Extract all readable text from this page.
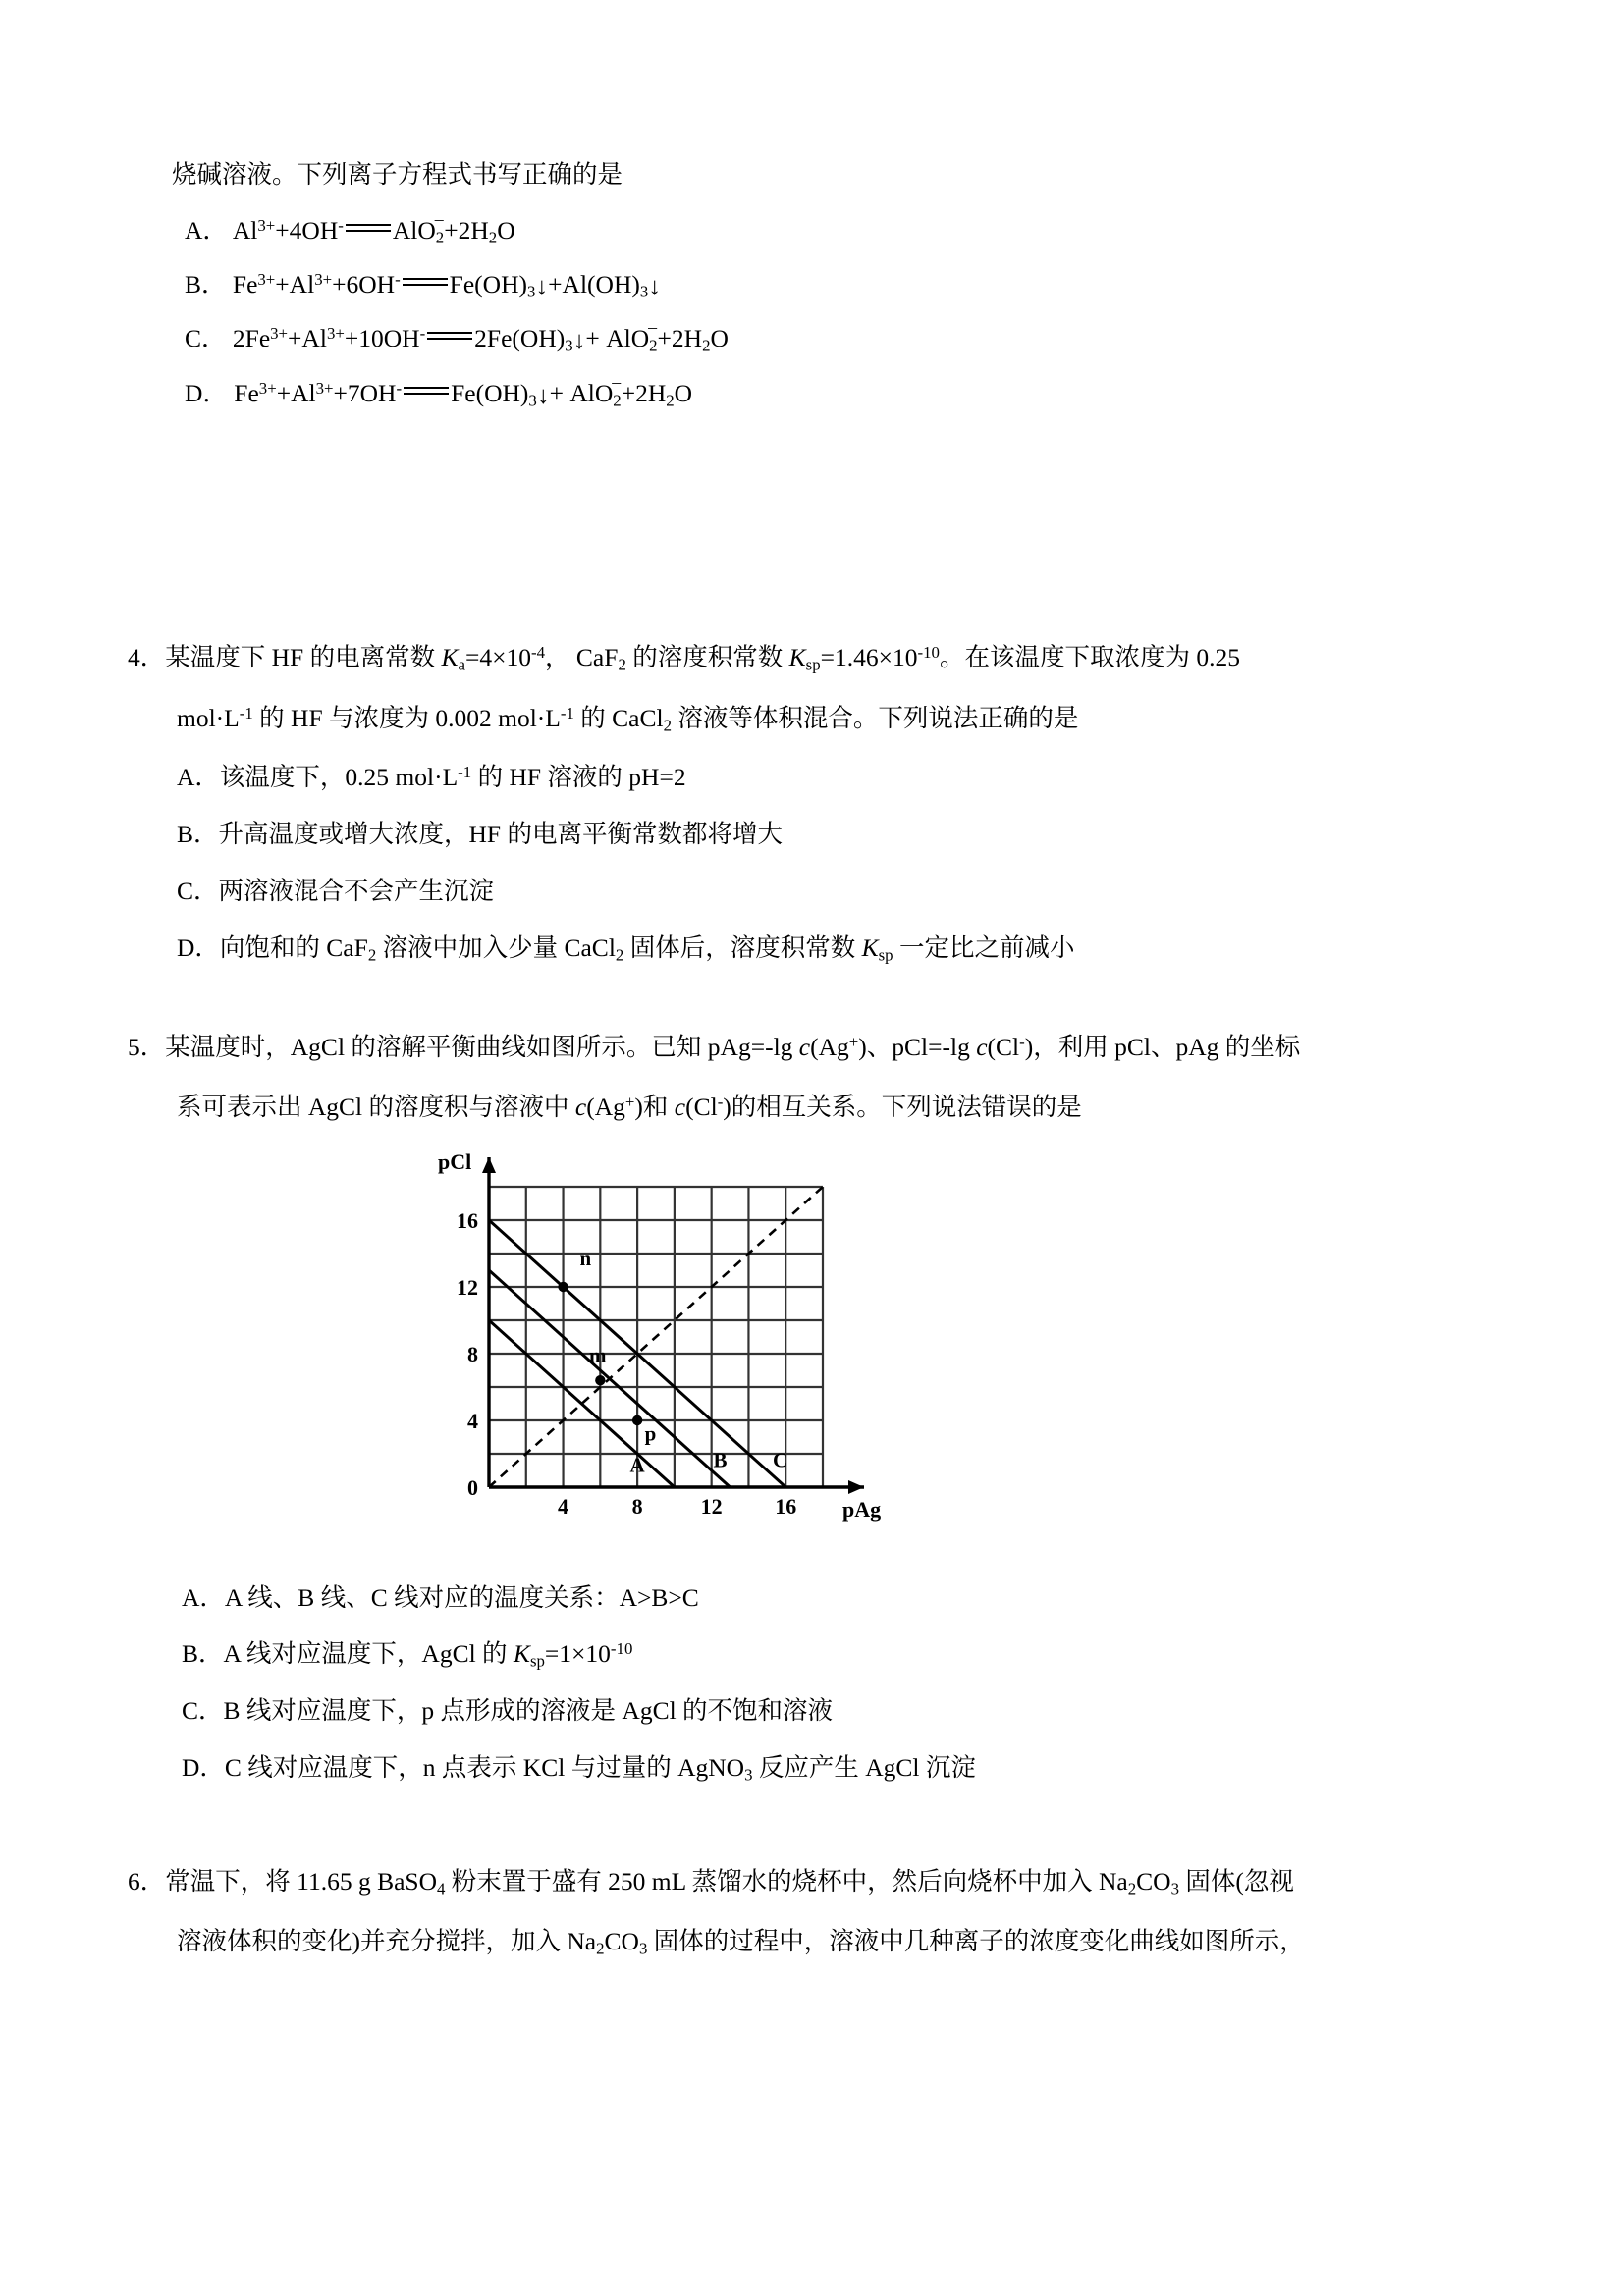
烧碱溶液。下列离子方程式书写正确的是
A． $Al^{3+}+4OH^-$ AlO$_2$
– $+2H_2O$
B． $Fe^{3+}+Al^{3+}+6OH^-$ $Fe(OH)_3↓+Al(OH)_3↓$
C． $2Fe^{3+}+Al^{3+}+10OH^-$ $2Fe(OH)_3↓+ AlO_2$
– $+2H_2O$
D． $Fe^{3+}+Al^{3+}+7OH^-$ $Fe(OH)_3↓+ AlO_2$
– $+2H_2O$
4．某温度下 HF 的电离常数 $K_a=4\times 10^{-4}$， CaF$_2$ 的溶度积常数 $K_{sp}=1.46\times 10^{-10}$。在该温度下取浓度为 0.25
$mol\cdot L^{-1}$ 的 HF 与浓度为 0.002 $mol\cdot L^{-1}$ 的 CaCl$_2$ 溶液等体积混合。下列说法正确的是
A．该温度下，0.25 $mol\cdot L^{-1}$ 的 HF 溶液的 pH=2
B．升高温度或增大浓度，HF 的电离平衡常数都将增大
C．两溶液混合不会产生沉淀
D．向饱和的 CaF$_2$ 溶液中加入少量 CaCl$_2$ 固体后，溶度积常数 $K_{sp}$ 一定比之前减小
5．某温度时，AgCl 的溶解平衡曲线如图所示。已知 pAg=-lg c(Ag+)、pCl=-lg c(Cl-)，利用 pCl、pAg 的坐标
系可表示出 AgCl 的溶度积与溶液中 c(Ag+)和 c(Cl-)的相互关系。下列说法错误的是
A	B C
4	8	12 16
4
8
12
16
0
pAg
pCl
n
m
p
A．A 线、B 线、C 线对应的温度关系：A>B>C
B．A 线对应温度下，AgCl 的 $K_{sp}=1\times 10^{-10}$
C．B 线对应温度下，p 点形成的溶液是 AgCl 的不饱和溶液
D．C 线对应温度下，n 点表示 KCl 与过量的 AgNO$_3$ 反应产生 AgCl 沉淀
6．常温下，将 11.65 g BaSO$_4$ 粉末置于盛有 250 mL 蒸馏水的烧杯中，然后向烧杯中加入 $Na_2CO_3$ 固体(忽视
溶液体积的变化)并充分搅拌，加入 $Na_2CO_3$ 固体的过程中，溶液中几种离子的浓度变化曲线如图所示，
